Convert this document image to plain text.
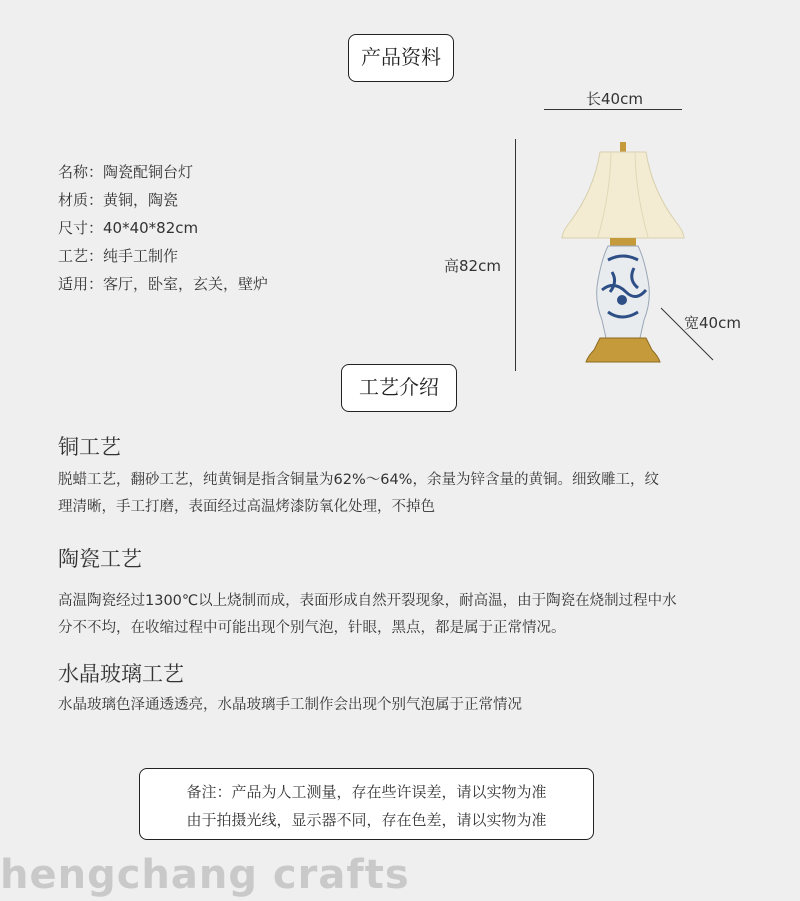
产品资料
名称：陶瓷配铜台灯
材质：黄铜，陶瓷
尺寸：40*40*82cm
工艺：纯手工制作
适用：客厅，卧室，玄关，壁炉
长40cm
高82cm
宽40cm
工艺介绍
铜工艺

脱蜡工艺，翻砂工艺，纯黄铜是指含铜量为62%～64%，余量为锌含量的黄铜。细致雕工，纹

理清晰，手工打磨，表面经过高温烤漆防氧化处理，不掉色

陶瓷工艺

高温陶瓷经过1300℃以上烧制而成，表面形成自然开裂现象，耐高温，由于陶瓷在烧制过程中水

分不不均，在收缩过程中可能出现个别气泡，针眼，黑点，都是属于正常情况。

水晶玻璃工艺

水晶玻璃色泽通透透亮，水晶玻璃手工制作会出现个别气泡属于正常情况

备注：产品为人工测量，存在些许误差，请以实物为准

由于拍摄光线，显示器不同，存在色差，请以实物为准

hengchang crafts
